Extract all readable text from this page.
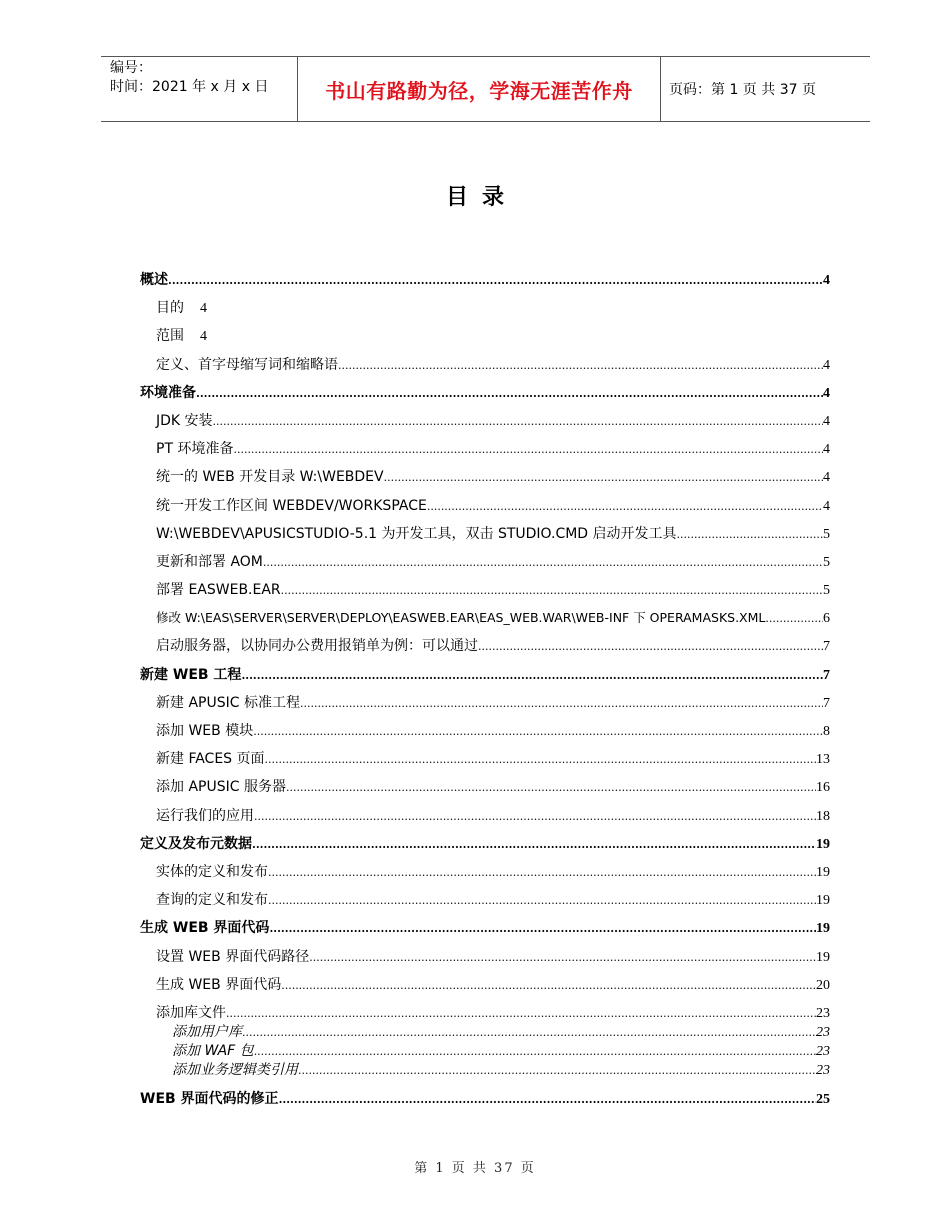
编号：
时间：2021 年 x 月 x 日	书山有路勤为径，学海无涯苦作舟	页码：第 1 页 共 37 页
目录
概述 .....	4
目的 4
范围 4
定义、首字母缩写词和缩略语 .....	4
环境准备 .....	4
JDK 安装 .....	4
PT 环境准备 .....	4
统一的 WEB 开发目录 W:\WEBDEV .....	4
统一开发工作区间 WEBDEV/WORKSPACE .....	4
W:\WEBDEV\APUSICSTUDIO-5.1 为开发工具，双击 STUDIO.CMD 启动开发工具 .....	5
更新和部署 AOM .....	5
部署 EASWEB.EAR .....	5
修改 W:\EAS\SERVER\SERVER\DEPLOY\EASWEB.EAR\EAS_WEB.WAR\WEB-INF 下 OPERAMASKS.XML .....	6
启动服务器，以协同办公费用报销单为例：可以通过 .....	7
新建 WEB 工程 .....	7
新建 APUSIC 标准工程 .....	7
添加 WEB 模块 .....	8
新建 FACES 页面 .....	13
添加 APUSIC 服务器 .....	16
运行我们的应用 .....	18
定义及发布元数据 .....	19
实体的定义和发布 .....	19
查询的定义和发布 .....	19
生成 WEB 界面代码 .....	19
设置 WEB 界面代码路径 .....	19
生成 WEB 界面代码 .....	20
添加库文件 .....	23
添加用户库 .....	23
添加 WAF 包 .....	23
添加业务逻辑类引用 .....	23
WEB 界面代码的修正 .....	25
第 1 页 共 37 页
